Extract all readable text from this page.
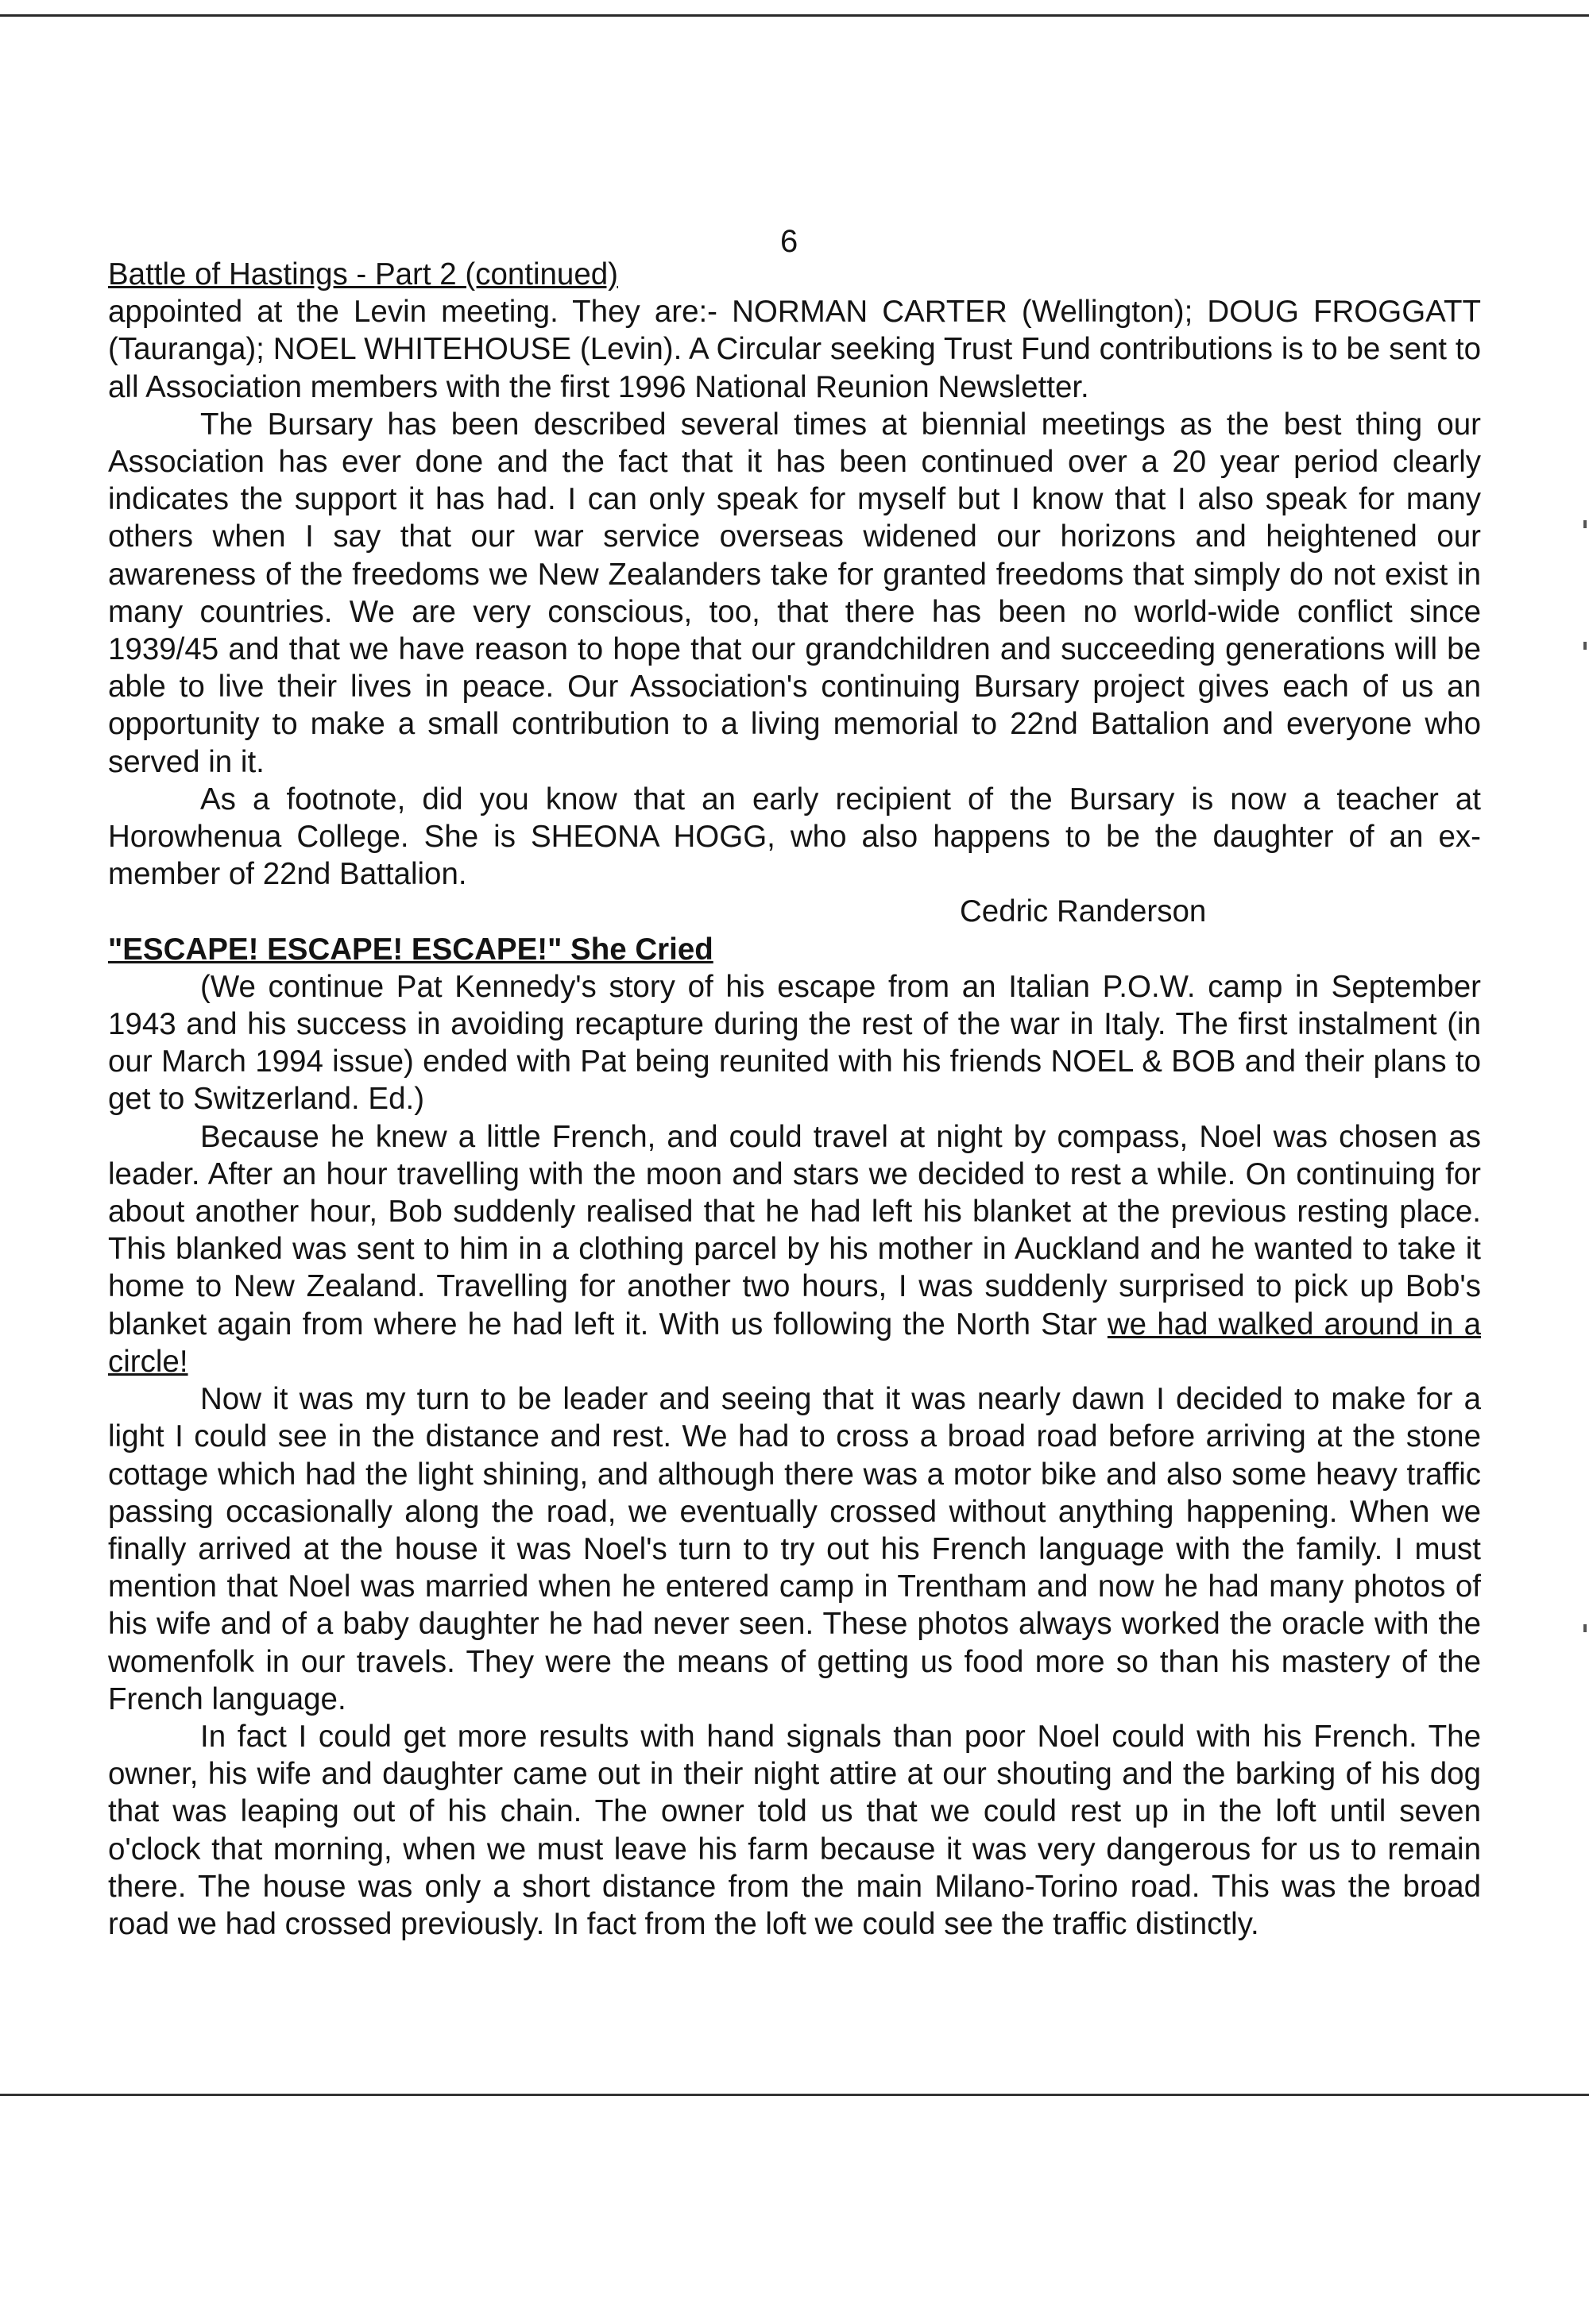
6
Battle of Hastings - Part 2 (continued)

appointed at the Levin meeting. They are:- NORMAN CARTER (Wellington); DOUG FROGGATT (Tauranga); NOEL WHITEHOUSE (Levin). A Circular seeking Trust Fund contributions is to be sent to all Association members with the first 1996 National Reunion Newsletter.

The Bursary has been described several times at biennial meetings as the best thing our Association has ever done and the fact that it has been continued over a 20 year period clearly indicates the support it has had. I can only speak for myself but I know that I also speak for many others when I say that our war service overseas widened our horizons and heightened our awareness of the freedoms we New Zealanders take for granted freedoms that simply do not exist in many countries. We are very conscious, too, that there has been no world-wide conflict since 1939/45 and that we have reason to hope that our grandchildren and succeeding generations will be able to live their lives in peace. Our Association's continuing Bursary project gives each of us an opportunity to make a small contribution to a living memorial to 22nd Battalion and everyone who served in it.

As a footnote, did you know that an early recipient of the Bursary is now a teacher at Horowhenua College. She is SHEONA HOGG, who also happens to be the daughter of an ex-member of 22nd Battalion.

Cedric Randerson

"ESCAPE! ESCAPE! ESCAPE!" She Cried

(We continue Pat Kennedy's story of his escape from an Italian P.O.W. camp in September 1943 and his success in avoiding recapture during the rest of the war in Italy. The first instalment (in our March 1994 issue) ended with Pat being reunited with his friends NOEL & BOB and their plans to get to Switzerland. Ed.)

Because he knew a little French, and could travel at night by compass, Noel was chosen as leader. After an hour travelling with the moon and stars we decided to rest a while. On continuing for about another hour, Bob suddenly realised that he had left his blanket at the previous resting place. This blanked was sent to him in a clothing parcel by his mother in Auckland and he wanted to take it home to New Zealand. Travelling for another two hours, I was suddenly surprised to pick up Bob's blanket again from where he had left it. With us following the North Star we had walked around in a circle!

Now it was my turn to be leader and seeing that it was nearly dawn I decided to make for a light I could see in the distance and rest. We had to cross a broad road before arriving at the stone cottage which had the light shining, and although there was a motor bike and also some heavy traffic passing occasionally along the road, we eventually crossed without anything happening. When we finally arrived at the house it was Noel's turn to try out his French language with the family. I must mention that Noel was married when he entered camp in Trentham and now he had many photos of his wife and of a baby daughter he had never seen. These photos always worked the oracle with the womenfolk in our travels. They were the means of getting us food more so than his mastery of the French language.

In fact I could get more results with hand signals than poor Noel could with his French. The owner, his wife and daughter came out in their night attire at our shouting and the barking of his dog that was leaping out of his chain. The owner told us that we could rest up in the loft until seven o'clock that morning, when we must leave his farm because it was very dangerous for us to remain there. The house was only a short distance from the main Milano-Torino road. This was the broad road we had crossed previously. In fact from the loft we could see the traffic distinctly.
